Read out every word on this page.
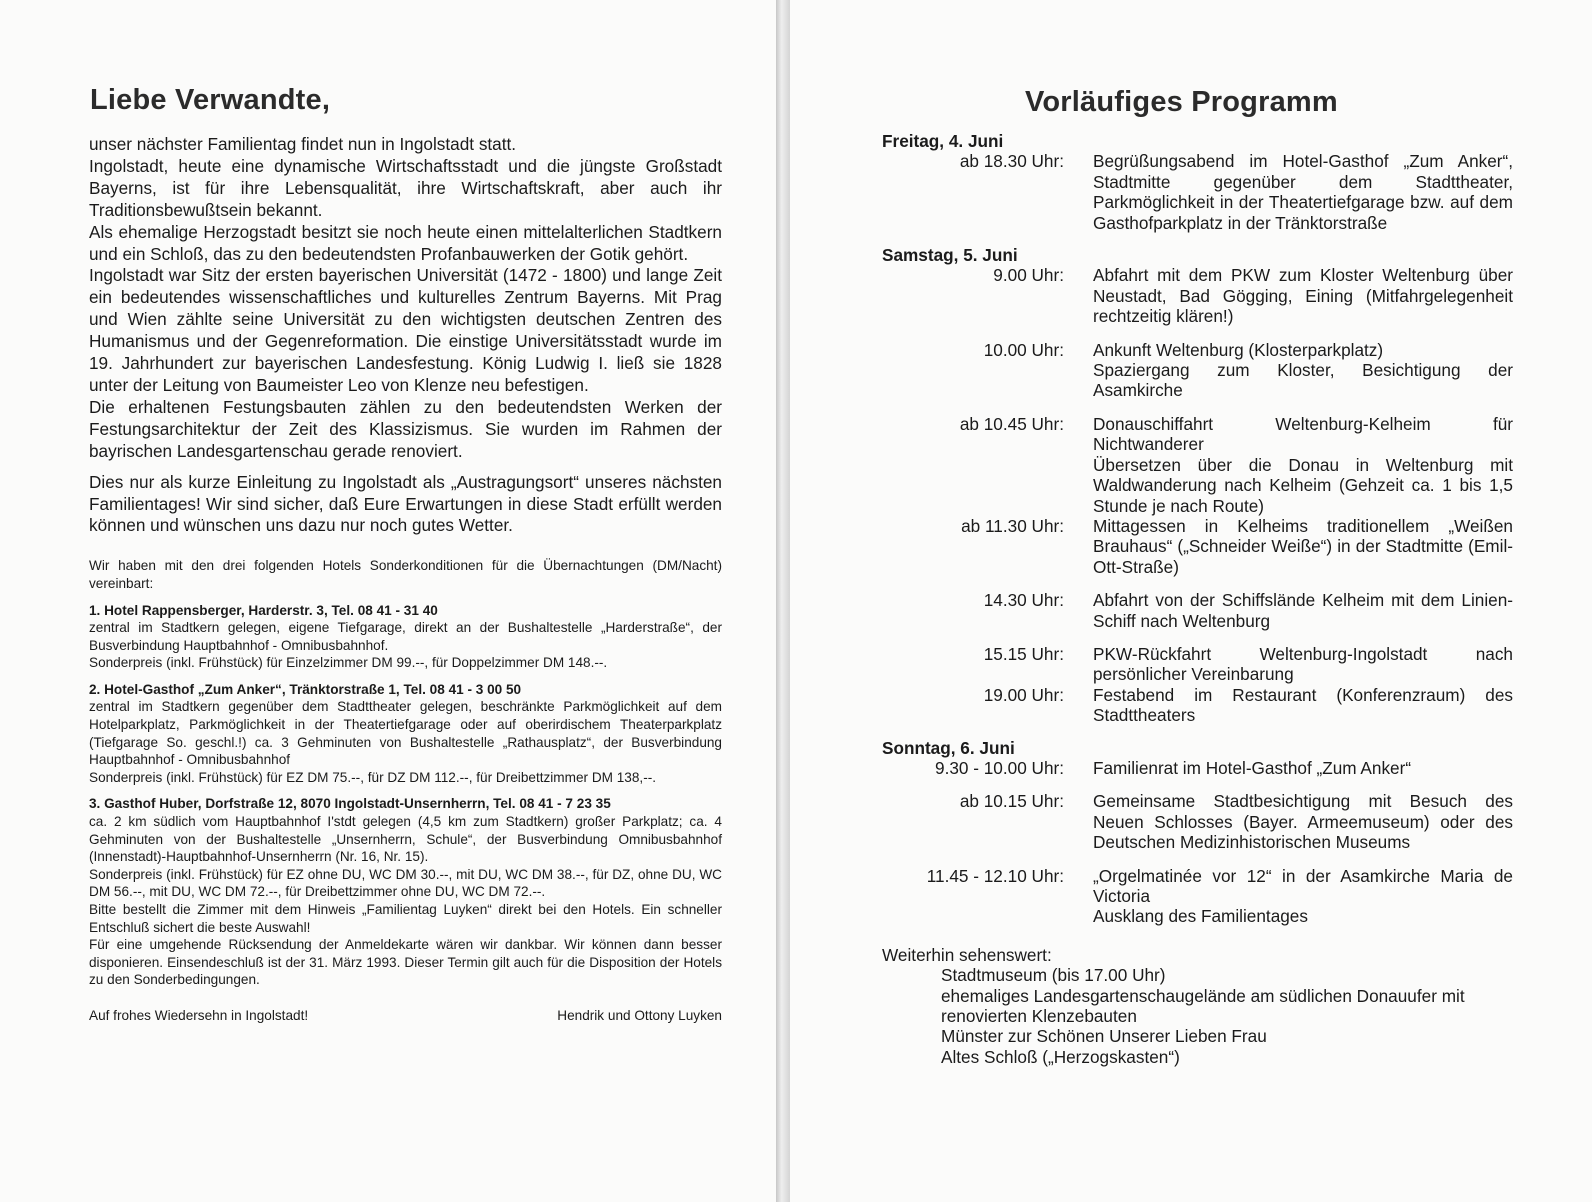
Liebe Verwandte,

unser nächster Familientag findet nun in Ingolstadt statt.

Ingolstadt, heute eine dynamische Wirtschaftsstadt und die jüngste Großstadt Bayerns, ist für ihre Lebensqualität, ihre Wirtschaftskraft, aber auch ihr Traditionsbewußtsein bekannt.

Als ehemalige Herzogstadt besitzt sie noch heute einen mittelalterlichen Stadtkern und ein Schloß, das zu den bedeutendsten Profanbauwerken der Gotik gehört.

Ingolstadt war Sitz der ersten bayerischen Universität (1472 - 1800) und lange Zeit ein bedeutendes wissenschaftliches und kulturelles Zentrum Bayerns. Mit Prag und Wien zählte seine Universität zu den wichtigsten deutschen Zentren des Humanismus und der Gegenreformation. Die einstige Universitätsstadt wurde im 19. Jahrhundert zur bayerischen Landesfestung. König Ludwig I. ließ sie 1828 unter der Leitung von Baumeister Leo von Klenze neu befestigen.

Die erhaltenen Festungsbauten zählen zu den bedeutendsten Werken der Festungsarchitektur der Zeit des Klassizismus. Sie wurden im Rahmen der bayrischen Landesgartenschau gerade renoviert.

Dies nur als kurze Einleitung zu Ingolstadt als „Austragungsort“ unseres nächsten Familientages! Wir sind sicher, daß Eure Erwartungen in diese Stadt erfüllt werden können und wünschen uns dazu nur noch gutes Wetter.

Wir haben mit den drei folgenden Hotels Sonderkonditionen für die Übernachtungen (DM/Nacht) vereinbart:

1. Hotel Rappensberger, Harderstr. 3, Tel. 08 41 - 31 40

zentral im Stadtkern gelegen, eigene Tiefgarage, direkt an der Bushaltestelle „Harderstraße“, der Busverbindung Hauptbahnhof - Omnibusbahnhof.

Sonderpreis (inkl. Frühstück) für Einzelzimmer DM 99.--, für Doppelzimmer DM 148.--.

2. Hotel-Gasthof „Zum Anker“, Tränktorstraße 1, Tel. 08 41 - 3 00 50

zentral im Stadtkern gegenüber dem Stadttheater gelegen, beschränkte Parkmöglichkeit auf dem Hotelparkplatz, Parkmöglichkeit in der Theatertiefgarage oder auf oberirdischem Theaterparkplatz (Tiefgarage So. geschl.!) ca. 3 Gehminuten von Bushaltestelle „Rathausplatz“, der Busverbindung Hauptbahnhof - Omnibusbahnhof

Sonderpreis (inkl. Frühstück) für EZ DM 75.--, für DZ DM 112.--, für Dreibettzimmer DM 138,--.

3. Gasthof Huber, Dorfstraße 12, 8070 Ingolstadt-Unsernherrn, Tel. 08 41 - 7 23 35

ca. 2 km südlich vom Hauptbahnhof I'stdt gelegen (4,5 km zum Stadtkern) großer Parkplatz; ca. 4 Gehminuten von der Bushaltestelle „Unsernherrn, Schule“, der Busverbindung Omnibusbahnhof (Innenstadt)-Hauptbahnhof-Unsernherrn (Nr. 16, Nr. 15).

Sonderpreis (inkl. Frühstück) für EZ ohne DU, WC DM 30.--, mit DU, WC DM 38.--, für DZ, ohne DU, WC DM 56.--, mit DU, WC DM 72.--, für Dreibettzimmer ohne DU, WC DM 72.--.

Bitte bestellt die Zimmer mit dem Hinweis „Familientag Luyken“ direkt bei den Hotels. Ein schneller Entschluß sichert die beste Auswahl!

Für eine umgehende Rücksendung der Anmeldekarte wären wir dankbar. Wir können dann besser disponieren. Einsendeschluß ist der 31. März 1993. Dieser Termin gilt auch für die Disposition der Hotels zu den Sonderbedingungen.

Auf frohes Wiedersehn in Ingolstadt!	Hendrik und Ottony Luyken
Vorläufiges Programm
Freitag, 4. Juni
ab 18.30 Uhr: Begrüßungsabend im Hotel-Gasthof „Zum Anker“, Stadtmitte gegenüber dem Stadttheater, Parkmöglichkeit in der Theatertiefgarage bzw. auf dem Gasthofparkplatz in der Tränktorstraße
Samstag, 5. Juni
9.00 Uhr: Abfahrt mit dem PKW zum Kloster Weltenburg über Neustadt, Bad Gögging, Eining (Mitfahrgelegenheit rechtzeitig klären!)
10.00 Uhr: Ankunft Weltenburg (Klosterparkplatz)
Spaziergang zum Kloster, Besichtigung der Asamkirche
ab 10.45 Uhr: Donauschiffahrt Weltenburg-Kelheim für Nichtwanderer
Übersetzen über die Donau in Weltenburg mit Waldwanderung nach Kelheim (Gehzeit ca. 1 bis 1,5 Stunde je nach Route)
ab 11.30 Uhr: Mittagessen in Kelheims traditionellem „Weißen Brauhaus“ („Schneider Weiße“) in der Stadtmitte (Emil-Ott-Straße)
14.30 Uhr: Abfahrt von der Schiffslände Kelheim mit dem Linien-Schiff nach Weltenburg
15.15 Uhr: PKW-Rückfahrt Weltenburg-Ingolstadt nach persönlicher Vereinbarung
19.00 Uhr: Festabend im Restaurant (Konferenzraum) des Stadttheaters
Sonntag, 6. Juni
9.30 - 10.00 Uhr: Familienrat im Hotel-Gasthof „Zum Anker“
ab 10.15 Uhr: Gemeinsame Stadtbesichtigung mit Besuch des Neuen Schlosses (Bayer. Armeemuseum) oder des Deutschen Medizinhistorischen Museums
11.45 - 12.10 Uhr: „Orgelmatinée vor 12“ in der Asamkirche Maria de Victoria
Ausklang des Familientages
Weiterhin sehenswert:
Stadtmuseum (bis 17.00 Uhr)
ehemaliges Landesgartenschaugelände am südlichen Donauufer mit renovierten Klenzebauten
Münster zur Schönen Unserer Lieben Frau
Altes Schloß („Herzogskasten“)
